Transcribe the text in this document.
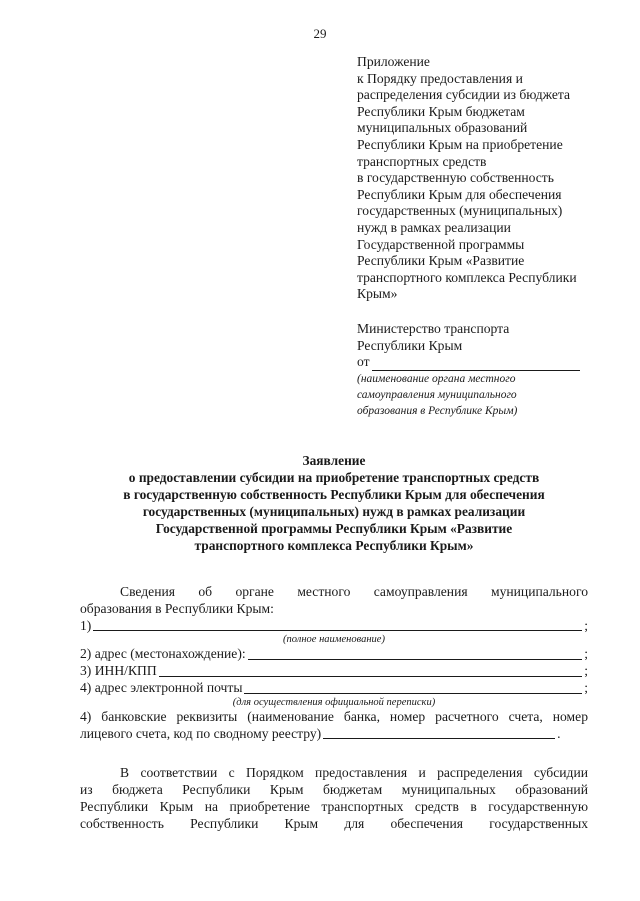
29
Приложение
к Порядку предоставления и
распределения субсидии из бюджета
Республики Крым бюджетам
муниципальных образований
Республики Крым на приобретение
транспортных средств
в государственную собственность
Республики Крым для обеспечения
государственных (муниципальных)
нужд в рамках реализации
Государственной программы
Республики Крым «Развитие
транспортного комплекса Республики
Крым»
Министерство транспорта
Республики Крым
от
(наименование органа местного
самоуправления муниципального
образования в Республике Крым)
Заявление
о предоставлении субсидии на приобретение транспортных средств
в государственную собственность Республики Крым для обеспечения
государственных (муниципальных) нужд в рамках реализации
Государственной программы Республики Крым «Развитие
транспортного комплекса Республики Крым»
Сведения об органе местного самоуправления муниципального
образования в Республики Крым:
1)	;
(полное наименование)
2) адрес (местонахождение):	;
3) ИНН/КПП	;
4) адрес электронной почты	;
(для осуществления официальной переписки)
4) банковские реквизиты (наименование банка, номер расчетного счета, номер
лицевого счета, код по сводному реестру)	.
В соответствии с Порядком предоставления и распределения субсидии
из бюджета Республики Крым бюджетам муниципальных образований
Республики Крым на приобретение транспортных средств в государственную
собственность Республики Крым для обеспечения государственных
